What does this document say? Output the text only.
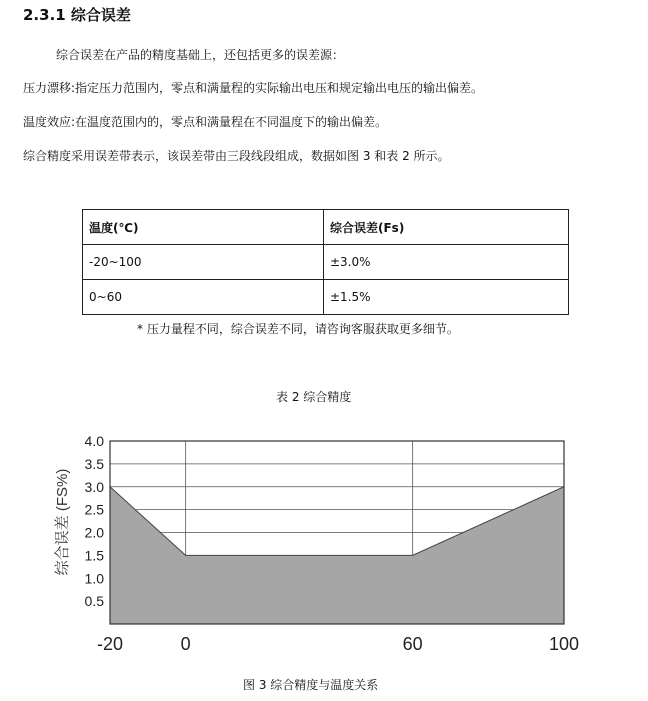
2.3.1 综合误差
综合误差在产品的精度基础上，还包括更多的误差源：
压力漂移:指定压力范围内，零点和满量程的实际输出电压和规定输出电压的输出偏差。
温度效应:在温度范围内的，零点和满量程在不同温度下的输出偏差。
综合精度采用误差带表示，该误差带由三段线段组成，数据如图 3 和表 2 所示。
温度(℃)	综合误差(Fs)
-20~100	±3.0%
0~60	±1.5%
* 压力量程不同，综合误差不同，请咨询客服获取更多细节。
表 2 综合精度
0.5
1.0
1.5
2.0
2.5
3.0
3.5
4.0
-20	0	60	100
综合误差 (FS%)
图 3 综合精度与温度关系
